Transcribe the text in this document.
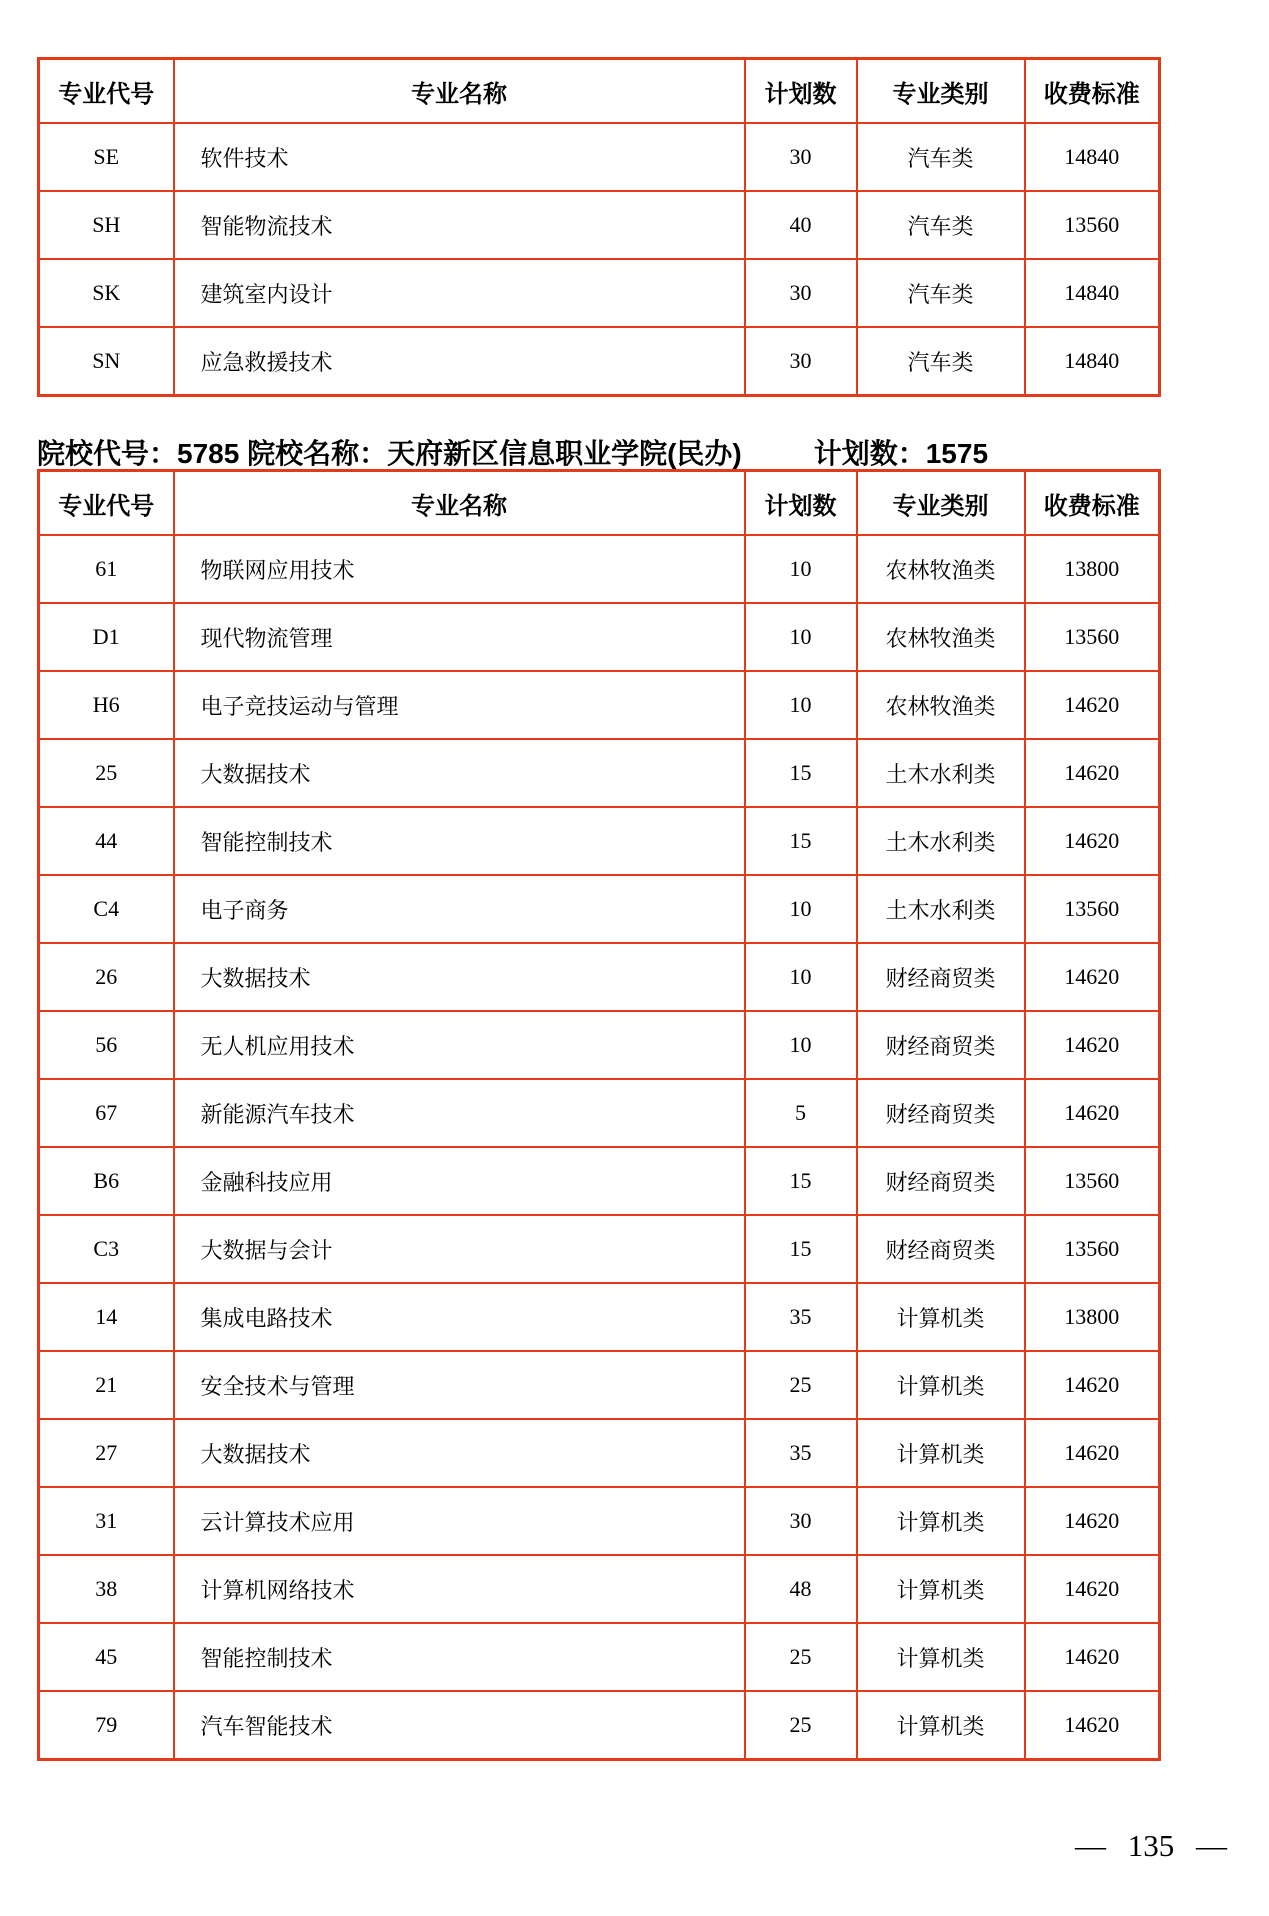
专业代号	专业名称	计划数	专业类别	收费标准
SE	软件技术	30	汽车类	14840
SH	智能物流技术	40	汽车类	13560
SK	建筑室内设计	30	汽车类	14840
SN	应急救援技术	30	汽车类	14840
院校代号：5785 院校名称：天府新区信息职业学院(民办)	计划数：1575
专业代号	专业名称	计划数	专业类别	收费标准
61	物联网应用技术	10	农林牧渔类	13800
D1	现代物流管理	10	农林牧渔类	13560
H6	电子竞技运动与管理	10	农林牧渔类	14620
25	大数据技术	15	土木水利类	14620
44	智能控制技术	15	土木水利类	14620
C4	电子商务	10	土木水利类	13560
26	大数据技术	10	财经商贸类	14620
56	无人机应用技术	10	财经商贸类	14620
67	新能源汽车技术	5	财经商贸类	14620
B6	金融科技应用	15	财经商贸类	13560
C3	大数据与会计	15	财经商贸类	13560
14	集成电路技术	35	计算机类	13800
21	安全技术与管理	25	计算机类	14620
27	大数据技术	35	计算机类	14620
31	云计算技术应用	30	计算机类	14620
38	计算机网络技术	48	计算机类	14620
45	智能控制技术	25	计算机类	14620
79	汽车智能技术	25	计算机类	14620
— 135 —
